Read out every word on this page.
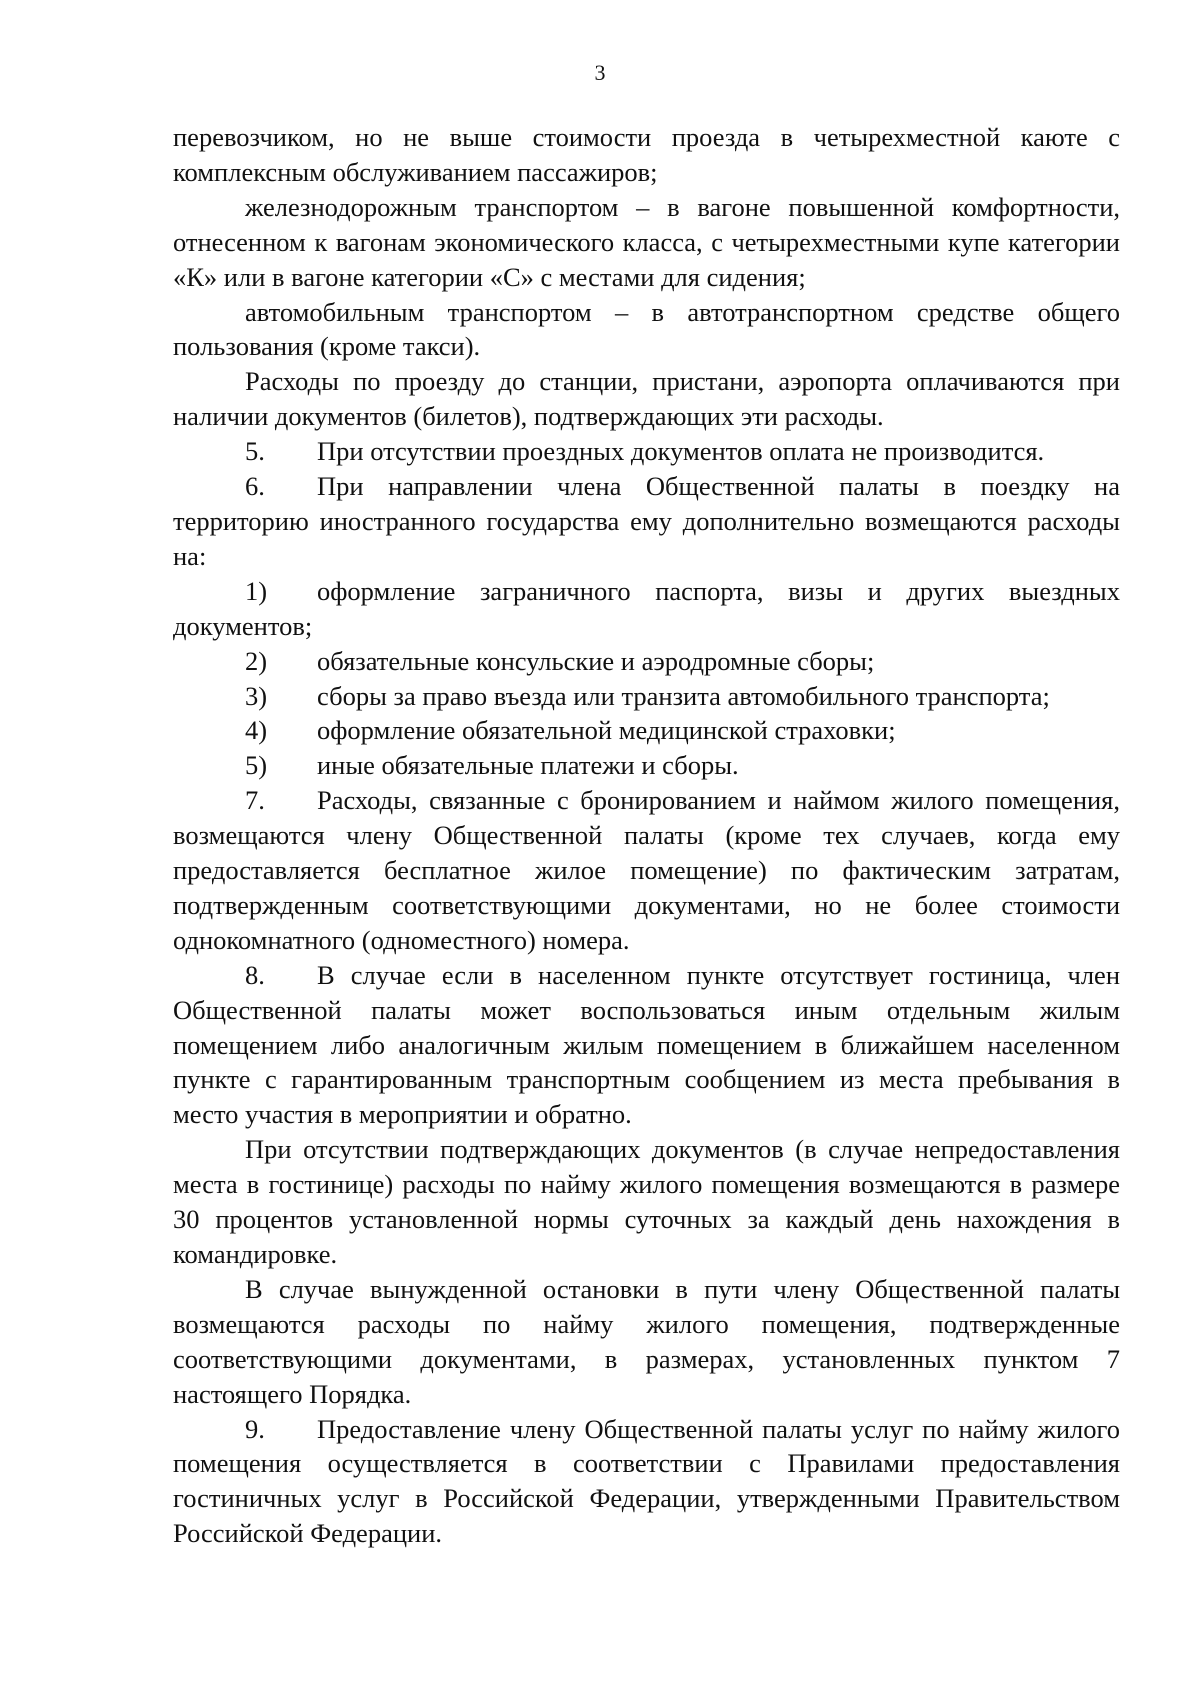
3

перевозчиком, но не выше стоимости проезда в четырехместной каюте с комплексным обслуживанием пассажиров;

железнодорожным транспортом – в вагоне повышенной комфортности, отнесенном к вагонам экономического класса, с четырехместными купе категории «К» или в вагоне категории «С» с местами для сидения;

автомобильным транспортом – в автотранспортном средстве общего пользования (кроме такси).

Расходы по проезду до станции, пристани, аэропорта оплачиваются при наличии документов (билетов), подтверждающих эти расходы.

5. При отсутствии проездных документов оплата не производится.

6. При направлении члена Общественной палаты в поездку на территорию иностранного государства ему дополнительно возмещаются расходы на:

1) оформление заграничного паспорта, визы и других выездных документов;

2) обязательные консульские и аэродромные сборы;

3) сборы за право въезда или транзита автомобильного транспорта;

4) оформление обязательной медицинской страховки;

5) иные обязательные платежи и сборы.

7. Расходы, связанные с бронированием и наймом жилого помещения, возмещаются члену Общественной палаты (кроме тех случаев, когда ему предоставляется бесплатное жилое помещение) по фактическим затратам, подтвержденным соответствующими документами, но не более стоимости однокомнатного (одноместного) номера.

8. В случае если в населенном пункте отсутствует гостиница, член Общественной палаты может воспользоваться иным отдельным жилым помещением либо аналогичным жилым помещением в ближайшем населенном пункте с гарантированным транспортным сообщением из места пребывания в место участия в мероприятии и обратно.

При отсутствии подтверждающих документов (в случае непредоставления места в гостинице) расходы по найму жилого помещения возмещаются в размере 30 процентов установленной нормы суточных за каждый день нахождения в командировке.

В случае вынужденной остановки в пути члену Общественной палаты возмещаются расходы по найму жилого помещения, подтвержденные соответствующими документами, в размерах, установленных пунктом 7 настоящего Порядка.

9. Предоставление члену Общественной палаты услуг по найму жилого помещения осуществляется в соответствии с Правилами предоставления гостиничных услуг в Российской Федерации, утвержденными Правительством Российской Федерации.
